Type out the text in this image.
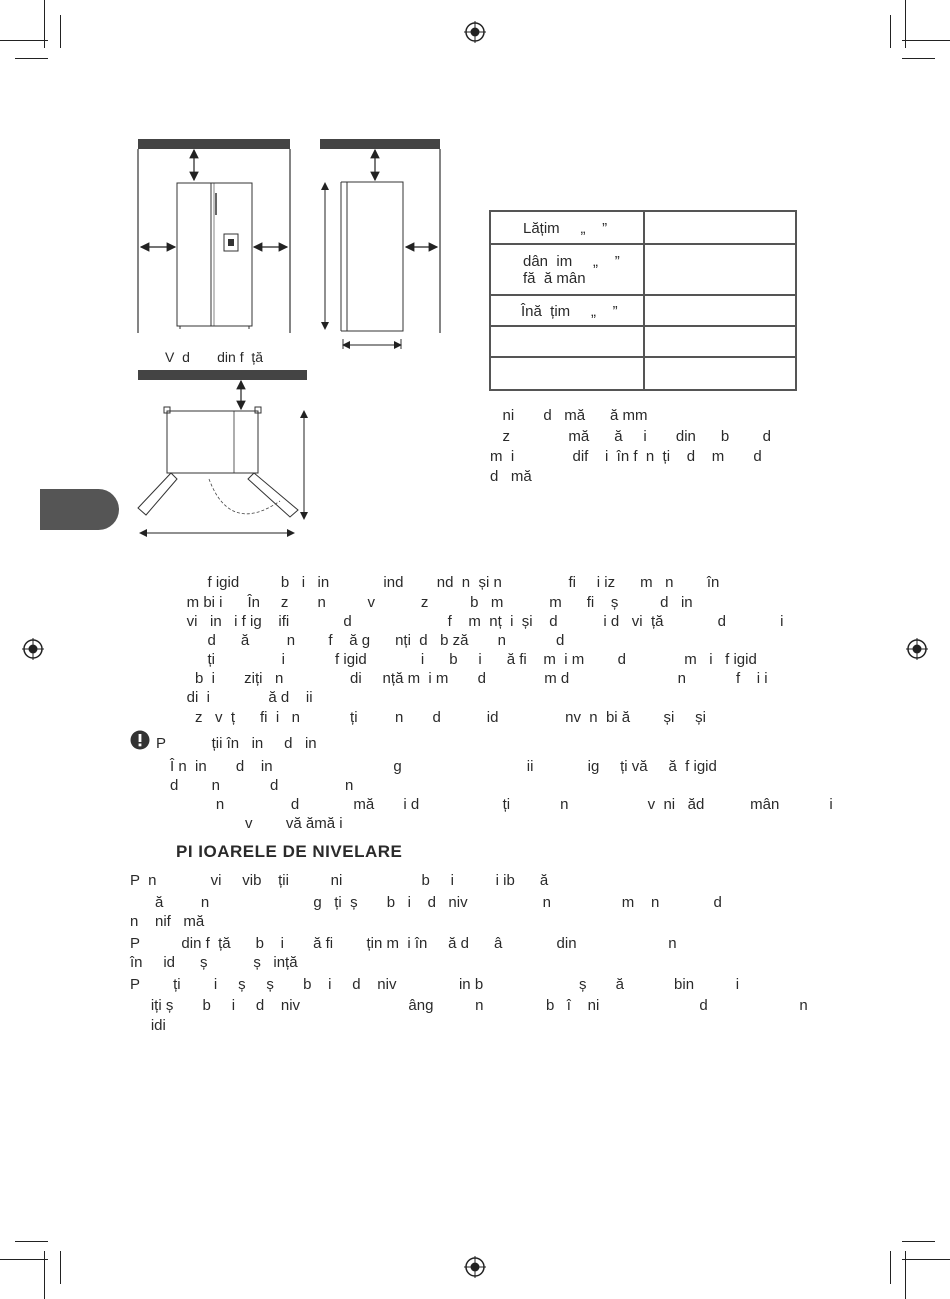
V  d       din f  ță
Lățim     „    ”
dân  im     „    ”
fă  ă mân
Înă  țim     „    ”
ni       d   mă      ă mm
z              mă      ă     i       din      b        d
m  i              dif    i  în f  n  ți    d    m       d
d   mă
f igid          b   i   in             ind        nd  n  și n                fi     i iz      m   n        în
m bi i      În     z       n          v           z          b   m           m      fi    ș          d   in
vi   in   i f ig    ifi             d                       f    m  nț  i  și    d           i d   vi  ță             d             i
d      ă         n        f    ă g      nți  d   b ză       n            d
ți                i            f igid             i      b     i      ă fi    m  i m        d              m   i   f igid
b  i       ziți   n                di     nță m  i m       d              m d                          n            f    i i
di  i              ă d    ii
z   v  ț      fi  i   n            ți         n       d           id                nv  n  bi ă        și     și
P           ții în   in     d   in
Î n  in       d    in                             g                              ii             ig     ți vă     ă  f igid
d        n            d                n
n                d             mă       i d                    ți            n                   v  ni   ăd           mân            i
v        vă ămă i
PI IOARELE DE NIVELARE
P  n             vi     vib    ții          ni                   b     i          i ib      ă
ă         n                         g   ți  ș       b   i    d   niv                  n                 m    n             d
n    nif   mă
P          din f  ță      b    i       ă fi        țin m  i în     ă d      â             din                      n
în     id      ș           ș   ință
P        ți        i     ș     ș       b    i     d    niv               in b                       ș       ă            bin          i
iți ș       b     i     d    niv                          âng          n               b   î    ni                        d                      n
idi
